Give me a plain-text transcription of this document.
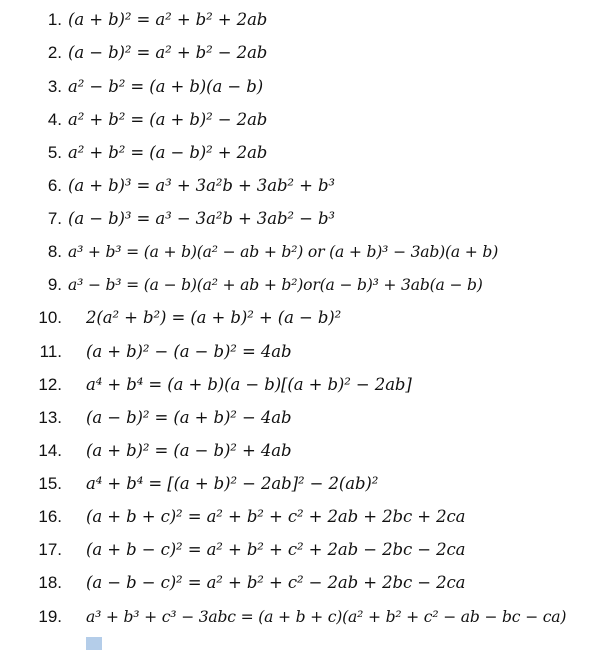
1. (a + b)² = a² + b² + 2ab
2. (a − b)² = a² + b² − 2ab
3. a² − b² = (a + b)(a − b)
4. a² + b² = (a + b)² − 2ab
5. a² + b² = (a − b)² + 2ab
6. (a + b)³ = a³ + 3a²b + 3ab² + b³
7. (a − b)³ = a³ − 3a²b + 3ab² − b³
8. a³ + b³ = (a + b)(a² − ab + b²) or (a + b)³ − 3ab)(a + b)
9. a³ − b³ = (a − b)(a² + ab + b²)or(a − b)³ + 3ab(a − b)
10. 2(a² + b²) = (a + b)² + (a − b)²
11. (a + b)² − (a − b)² = 4ab
12. a⁴ + b⁴ = (a + b)(a − b)[(a + b)² − 2ab]
13. (a − b)² = (a + b)² − 4ab
14. (a + b)² = (a − b)² + 4ab
15. a⁴ + b⁴ = [(a + b)² − 2ab]² − 2(ab)²
16. (a + b + c)² = a² + b² + c² + 2ab + 2bc + 2ca
17. (a + b − c)² = a² + b² + c² + 2ab − 2bc − 2ca
18. (a − b − c)² = a² + b² + c² − 2ab + 2bc − 2ca
19. a³ + b³ + c³ − 3abc = (a + b + c)(a² + b² + c² − ab − bc − ca)
